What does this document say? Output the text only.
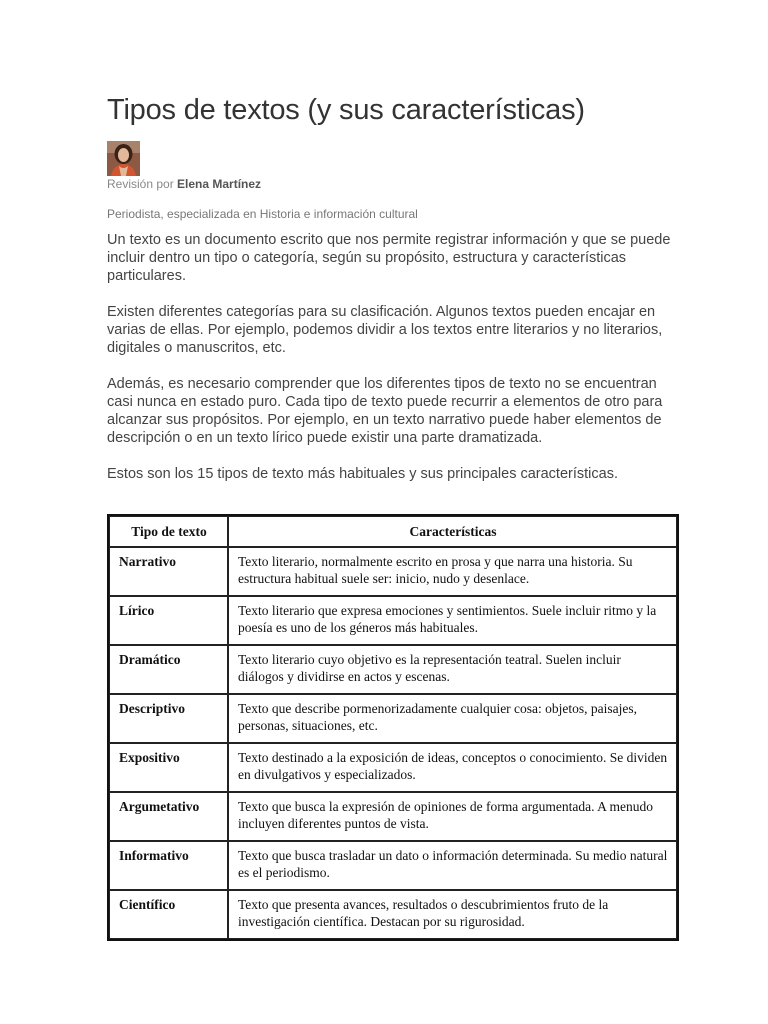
Tipos de textos (y sus características)
Revisión por Elena Martínez
Periodista, especializada en Historia e información cultural

Un texto es un documento escrito que nos permite registrar información y que se puede incluir dentro un tipo o categoría, según su propósito, estructura y características particulares.

Existen diferentes categorías para su clasificación. Algunos textos pueden encajar en varias de ellas. Por ejemplo, podemos dividir a los textos entre literarios y no literarios, digitales o manuscritos, etc.

Además, es necesario comprender que los diferentes tipos de texto no se encuentran casi nunca en estado puro. Cada tipo de texto puede recurrir a elementos de otro para alcanzar sus propósitos. Por ejemplo, en un texto narrativo puede haber elementos de descripción o en un texto lírico puede existir una parte dramatizada.

Estos son los 15 tipos de texto más habituales y sus principales características.

Tipo de texto	Características
Narrativo	Texto literario, normalmente escrito en prosa y que narra una historia. Su estructura habitual suele ser: inicio, nudo y desenlace.
Lírico	Texto literario que expresa emociones y sentimientos. Suele incluir ritmo y la poesía es uno de los géneros más habituales.
Dramático	Texto literario cuyo objetivo es la representación teatral. Suelen incluir diálogos y dividirse en actos y escenas.
Descriptivo	Texto que describe pormenorizadamente cualquier cosa: objetos, paisajes, personas, situaciones, etc.
Expositivo	Texto destinado a la exposición de ideas, conceptos o conocimiento. Se dividen en divulgativos y especializados.
Argumetativo	Texto que busca la expresión de opiniones de forma argumentada. A menudo incluyen diferentes puntos de vista.
Informativo	Texto que busca trasladar un dato o información determinada. Su medio natural es el periodismo.
Científico	Texto que presenta avances, resultados o descubrimientos fruto de la investigación científica. Destacan por su rigurosidad.
